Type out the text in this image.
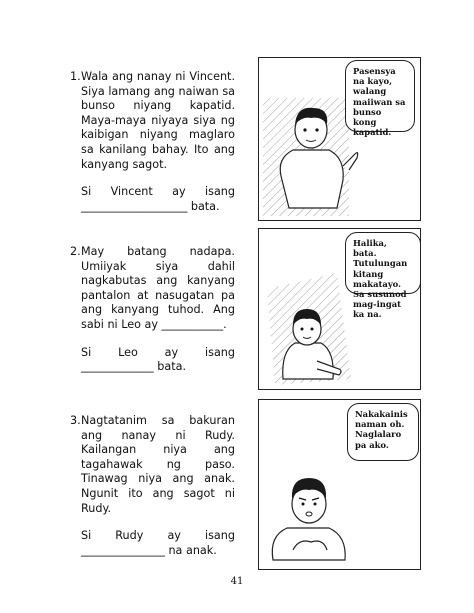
1. Wala ang nanay ni Vincent. Siya lamang ang naiwan sa bunso niyang kapatid. Maya-maya niyaya siya ng kaibigan niyang maglaro sa kanilang bahay. Ito ang kanyang sagot.

Si Vincent ay isang ___________________ bata.

Pasensya na kayo, walang maiiwan sa bunso kong kapatid.
2. May batang nadapa. Umiiyak siya dahil nagkabutas ang kanyang pantalon at nasugatan pa ang kanyang tuhod. Ang sabi ni Leo ay ___________.

Si Leo ay isang _____________ bata.

Halika, bata. Tutulungan kitang makatayo. Sa susunod mag-ingat ka na.
3. Nagtatanim sa bakuran ang nanay ni Rudy. Kailangan niya ang tagahawak ng paso. Tinawag niya ang anak. Ngunit ito ang sagot ni Rudy.

Si Rudy ay isang _______________ na anak.

Nakakainis naman oh. Naglalaro pa ako.
41
